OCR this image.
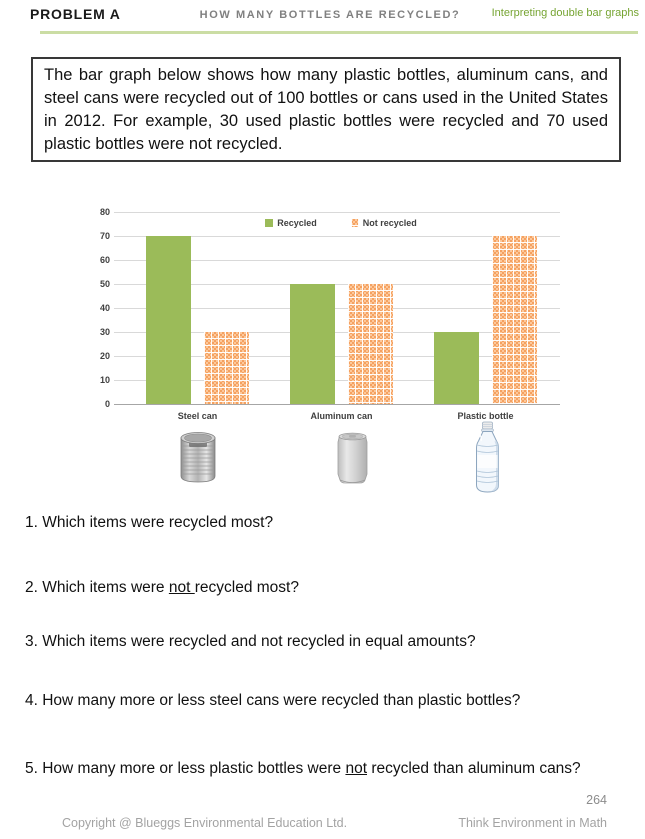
PROBLEM A	HOW MANY BOTTLES ARE RECYCLED?	Interpreting double bar graphs
The bar graph below shows how many plastic bottles, aluminum cans, and steel cans were recycled out of 100 bottles or cans used in the United States in 2012. For example, 30 used plastic bottles were recycled and 70 used plastic bottles were not recycled.
Recycled	Not recycled
0
10
20
30
40
50
60
70
80
Steel can	Aluminum can	Plastic bottle
1. Which items were recycled most?
2. Which items were not recycled most?
3. Which items were recycled and not recycled in equal amounts?
4. How many more or less steel cans were recycled than plastic bottles?
5. How many more or less plastic bottles were not recycled than aluminum cans?
264
Copyright @ Blueggs Environmental Education Ltd.	Think Environment in Math
